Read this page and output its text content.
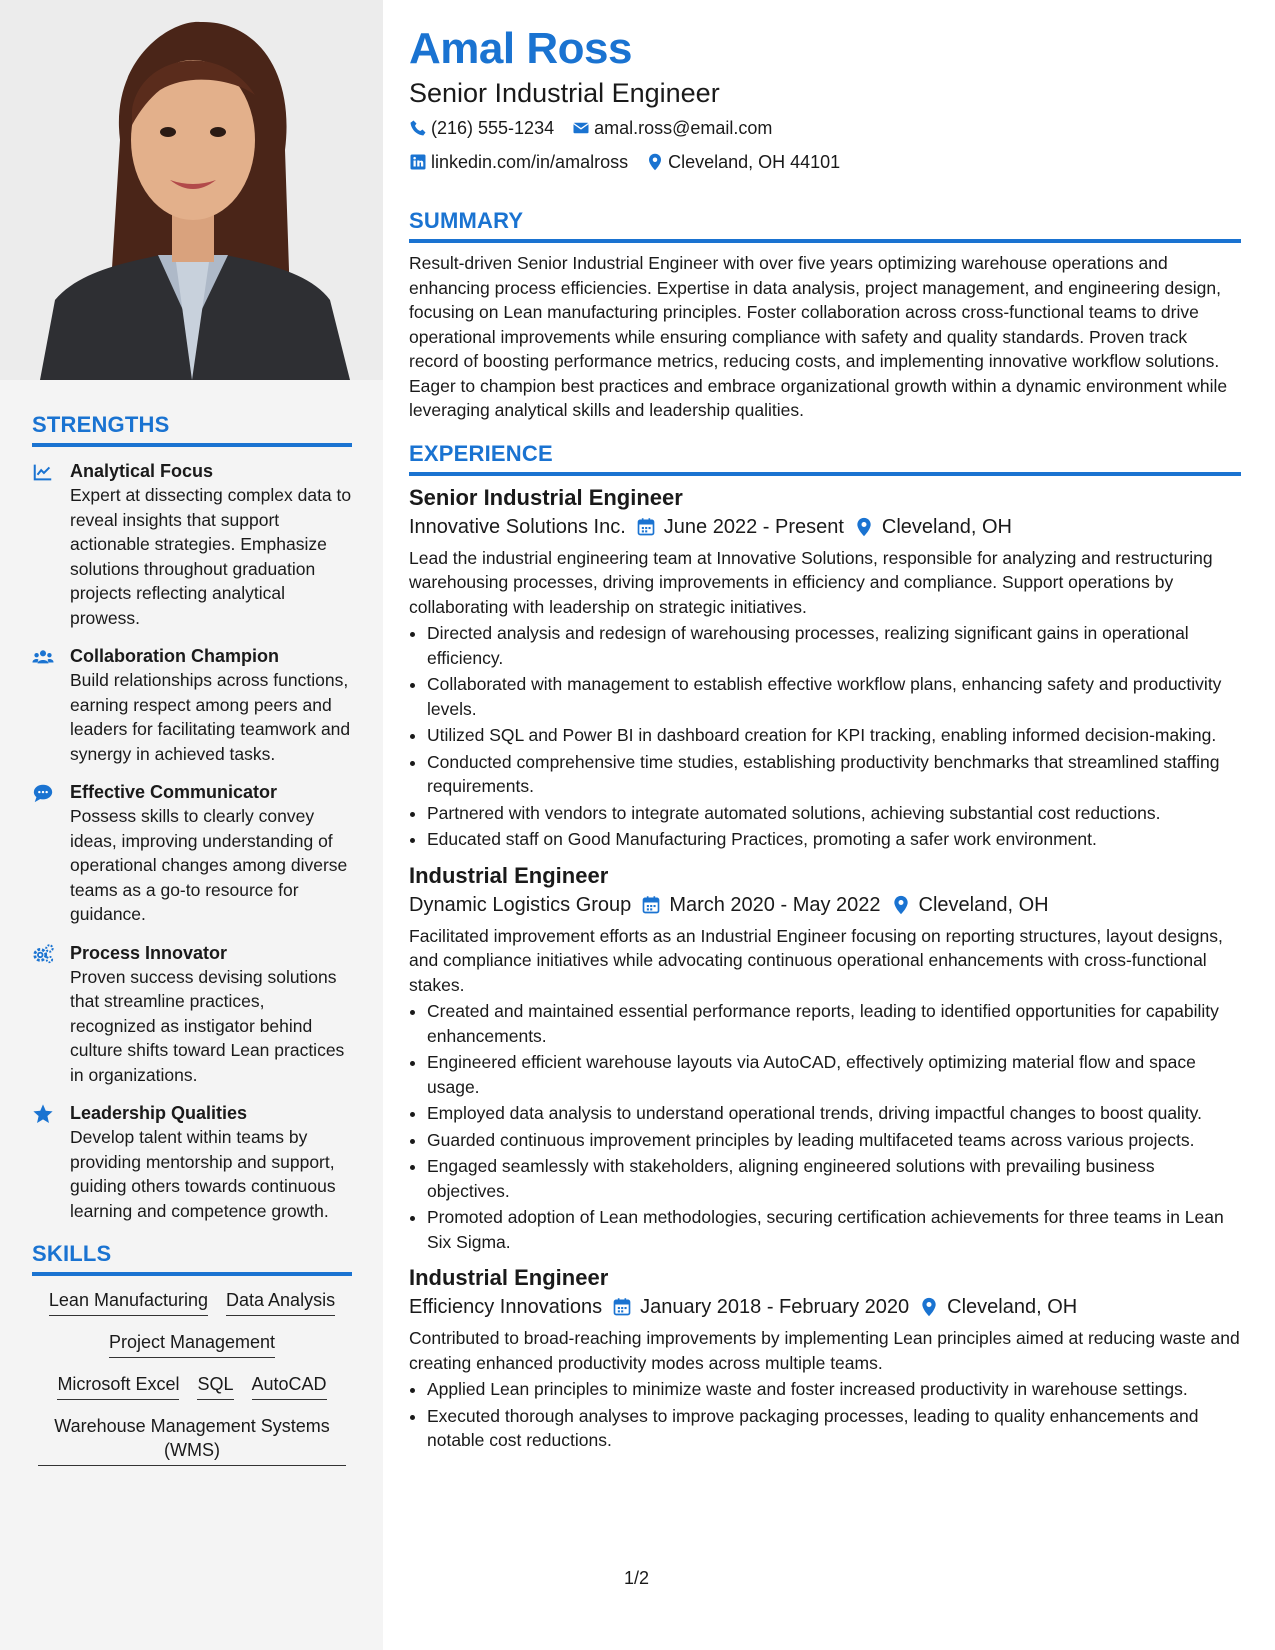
STRENGTHS
Analytical Focus
Expert at dissecting complex data to reveal insights that support actionable strategies. Emphasize solutions throughout graduation projects reflecting analytical prowess.
Collaboration Champion
Build relationships across functions, earning respect among peers and leaders for facilitating teamwork and synergy in achieved tasks.
Effective Communicator
Possess skills to clearly convey ideas, improving understanding of operational changes among diverse teams as a go-to resource for guidance.
Process Innovator
Proven success devising solutions that streamline practices, recognized as instigator behind culture shifts toward Lean practices in organizations.
Leadership Qualities
Develop talent within teams by providing mentorship and support, guiding others towards continuous learning and competence growth.
SKILLS
Lean Manufacturing Data Analysis
Project Management
Microsoft Excel SQL AutoCAD
Warehouse Management Systems (WMS)
Amal Ross
Senior Industrial Engineer
(216) 555-1234 amal.ross@email.com
linkedin.com/in/amalross Cleveland, OH 44101
SUMMARY
Result-driven Senior Industrial Engineer with over five years optimizing warehouse operations and enhancing process efficiencies. Expertise in data analysis, project management, and engineering design, focusing on Lean manufacturing principles. Foster collaboration across cross-functional teams to drive operational improvements while ensuring compliance with safety and quality standards. Proven track record of boosting performance metrics, reducing costs, and implementing innovative workflow solutions. Eager to champion best practices and embrace organizational growth within a dynamic environment while leveraging analytical skills and leadership qualities.
EXPERIENCE
Senior Industrial Engineer
Innovative Solutions Inc. June 2022 - Present Cleveland, OH
Lead the industrial engineering team at Innovative Solutions, responsible for analyzing and restructuring warehousing processes, driving improvements in efficiency and compliance. Support operations by collaborating with leadership on strategic initiatives.
• Directed analysis and redesign of warehousing processes, realizing significant gains in operational efficiency.
• Collaborated with management to establish effective workflow plans, enhancing safety and productivity levels.
• Utilized SQL and Power BI in dashboard creation for KPI tracking, enabling informed decision-making.
• Conducted comprehensive time studies, establishing productivity benchmarks that streamlined staffing requirements.
• Partnered with vendors to integrate automated solutions, achieving substantial cost reductions.
• Educated staff on Good Manufacturing Practices, promoting a safer work environment.
Industrial Engineer
Dynamic Logistics Group March 2020 - May 2022 Cleveland, OH
Facilitated improvement efforts as an Industrial Engineer focusing on reporting structures, layout designs, and compliance initiatives while advocating continuous operational enhancements with cross-functional stakes.
• Created and maintained essential performance reports, leading to identified opportunities for capability enhancements.
• Engineered efficient warehouse layouts via AutoCAD, effectively optimizing material flow and space usage.
• Employed data analysis to understand operational trends, driving impactful changes to boost quality.
• Guarded continuous improvement principles by leading multifaceted teams across various projects.
• Engaged seamlessly with stakeholders, aligning engineered solutions with prevailing business objectives.
• Promoted adoption of Lean methodologies, securing certification achievements for three teams in Lean Six Sigma.
Industrial Engineer
Efficiency Innovations January 2018 - February 2020 Cleveland, OH
Contributed to broad-reaching improvements by implementing Lean principles aimed at reducing waste and creating enhanced productivity modes across multiple teams.
• Applied Lean principles to minimize waste and foster increased productivity in warehouse settings.
• Executed thorough analyses to improve packaging processes, leading to quality enhancements and notable cost reductions.
1/2
